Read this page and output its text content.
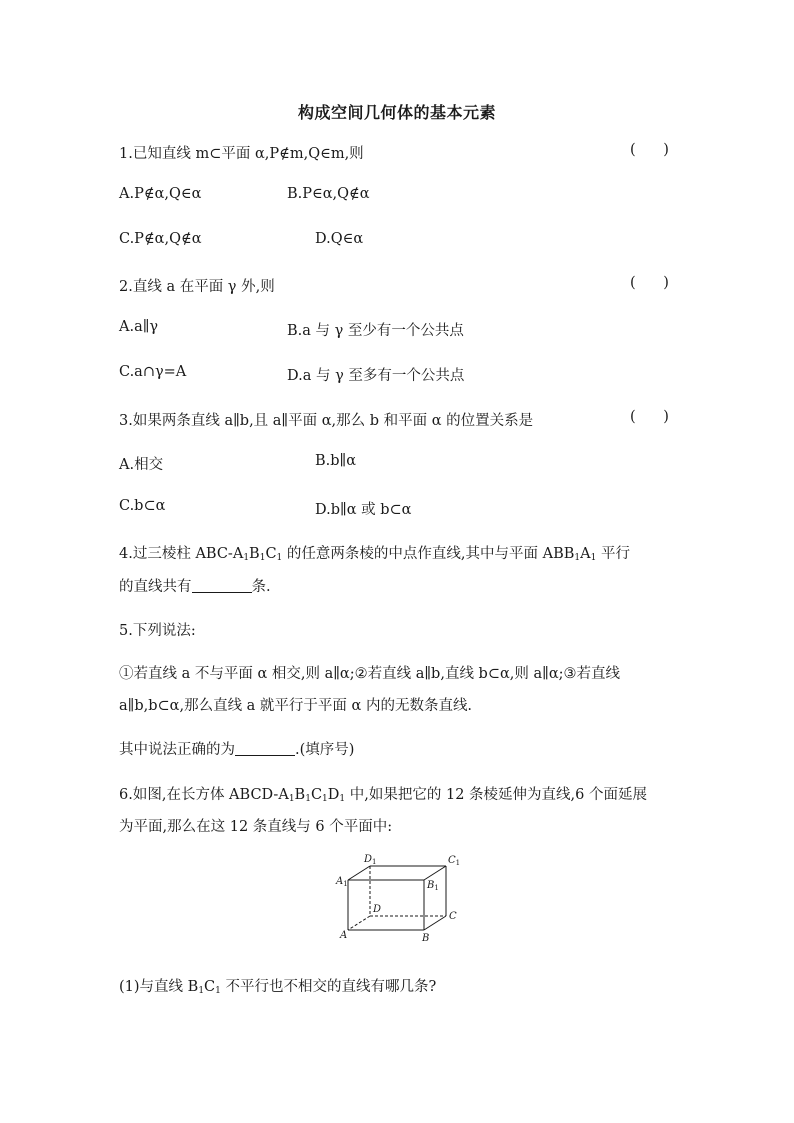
构成空间几何体的基本元素
1.已知直线 m⊂平面 α,P∉m,Q∈m,则	(      )
A.P∉α,Q∈α	B.P∈α,Q∉α
C.P∉α,Q∉α	D.Q∈α
2.直线 a 在平面 γ 外,则	(      )
A.a∥γ	B.a 与 γ 至少有一个公共点
C.a∩γ=A	D.a 与 γ 至多有一个公共点
3.如果两条直线 a∥b,且 a∥平面 α,那么 b 和平面 α 的位置关系是	(      )
A.相交	B.b∥α
C.b⊂α	D.b∥α 或 b⊂α
4.过三棱柱 ABC-$A_1B_1C_1$ 的任意两条棱的中点作直线,其中与平面 $ABB_1A_1$ 平行
的直线共有	条.
5.下列说法:
①若直线 a 不与平面 α 相交,则 a∥α;②若直线 a∥b,直线 b⊂α,则 a∥α;③若直线
a∥b,b⊂α,那么直线 a 就平行于平面 α 内的无数条直线.
其中说法正确的为	.(填序号)
6.如图,在长方体 ABCD-$A_1B_1C_1D_1$ 中,如果把它的 12 条棱延伸为直线,6 个面延展
为平面,那么在这 12 条直线与 6 个平面中:
$D_1$	$C_1$
$A_1$	$B_1$
D
C
A	B
(1)与直线 $B_1C_1$ 不平行也不相交的直线有哪几条?
